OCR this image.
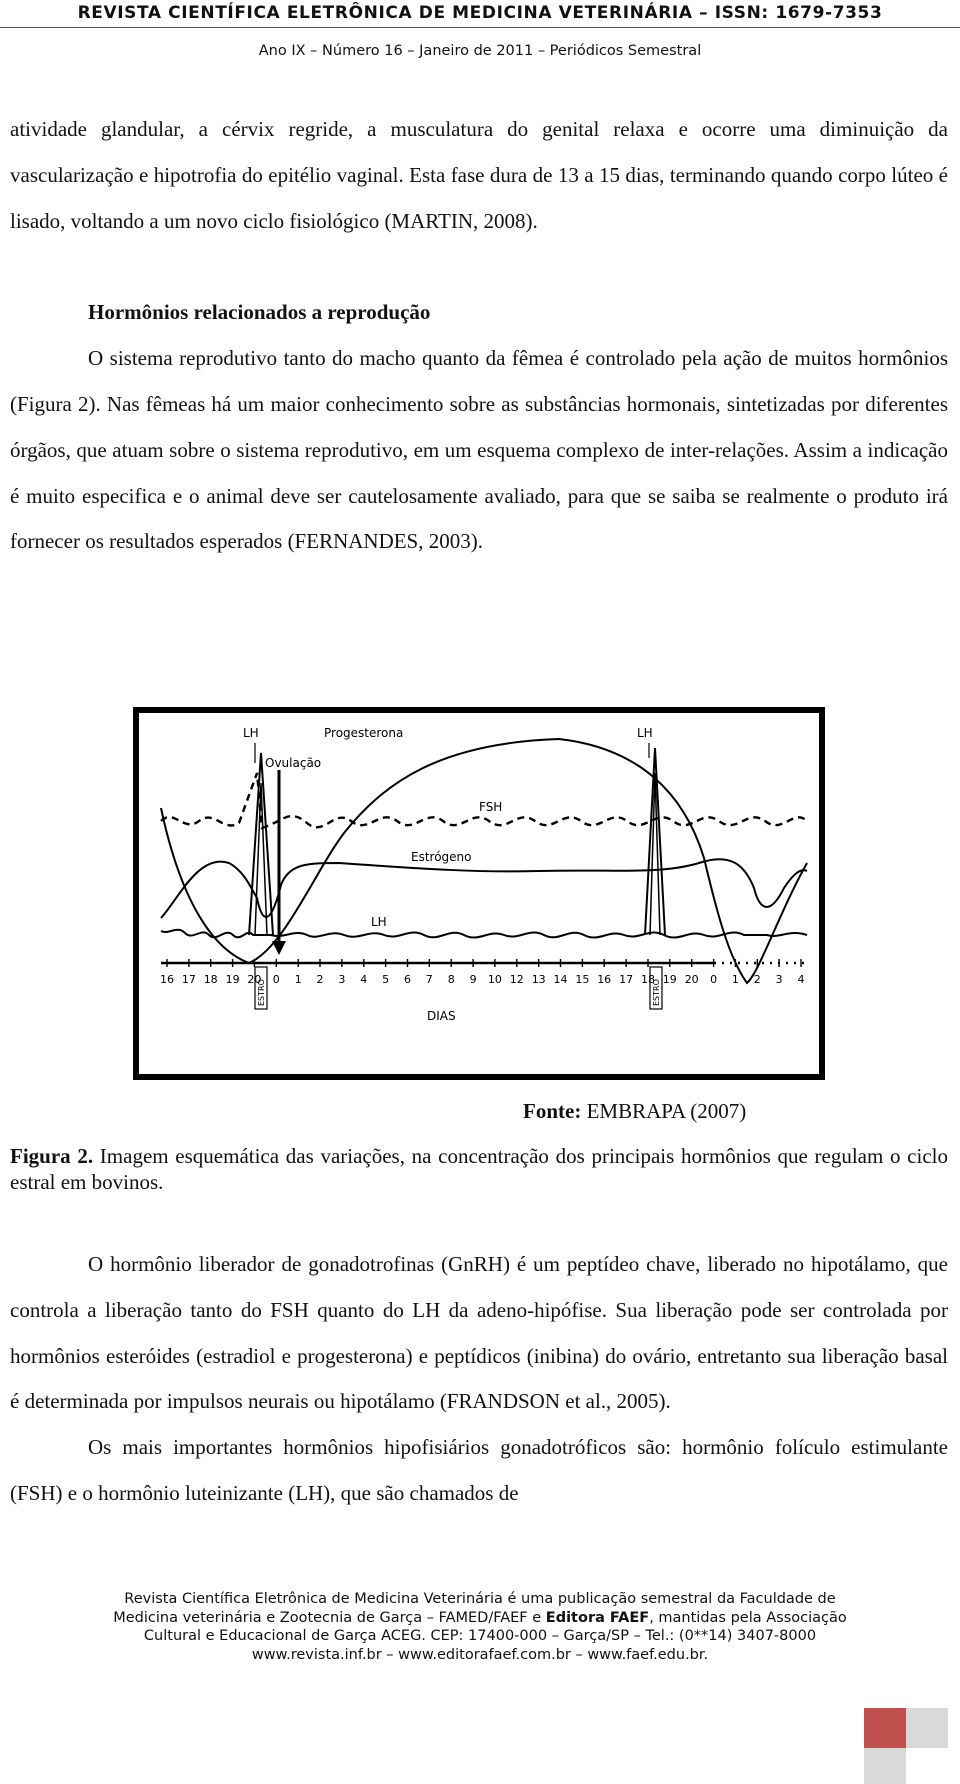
REVISTA CIENTÍFICA ELETRÔNICA DE MEDICINA VETERINÁRIA – ISSN: 1679-7353
Ano IX – Número 16 – Janeiro de 2011 – Periódicos Semestral

atividade glandular, a cérvix regride, a musculatura do genital relaxa e ocorre uma diminuição da vascularização e hipotrofia do epitélio vaginal. Esta fase dura de 13 a 15 dias, terminando quando corpo lúteo é lisado, voltando a um novo ciclo fisiológico (MARTIN, 2008).

Hormônios relacionados a reprodução

O sistema reprodutivo tanto do macho quanto da fêmea é controlado pela ação de muitos hormônios (Figura 2). Nas fêmeas há um maior conhecimento sobre as substâncias hormonais, sintetizadas por diferentes órgãos, que atuam sobre o sistema reprodutivo, em um esquema complexo de inter-relações. Assim a indicação é muito especifica e o animal deve ser cautelosamente avaliado, para que se saiba se realmente o produto irá fornecer os resultados esperados (FERNANDES, 2003).

16 17 18 19 20 0 1 2 3 4 5 6 7 8 9 10 12 13 14 15 16 17 18 19 20 0 1 2 3 4
LH	Progesterona
Ovulação
LH
FSH
Estrógeno
LH
DIAS
ESTRO	ESTRO
Fonte: EMBRAPA (2007)
Figura 2. Imagem esquemática das variações, na concentração dos principais hormônios que regulam o ciclo estral em bovinos.

O hormônio liberador de gonadotrofinas (GnRH) é um peptídeo chave, liberado no hipotálamo, que controla a liberação tanto do FSH quanto do LH da adeno-hipófise. Sua liberação pode ser controlada por hormônios esteróides (estradiol e progesterona) e peptídicos (inibina) do ovário, entretanto sua liberação basal é determinada por impulsos neurais ou hipotálamo (FRANDSON et al., 2005).

Os mais importantes hormônios hipofisiários gonadotróficos são: hormônio folículo estimulante (FSH) e o hormônio luteinizante (LH), que são chamados de

Revista Científica Eletrônica de Medicina Veterinária é uma publicação semestral da Faculdade de
Medicina veterinária e Zootecnia de Garça – FAMED/FAEF e Editora FAEF, mantidas pela Associação
Cultural e Educacional de Garça ACEG. CEP: 17400-000 – Garça/SP – Tel.: (0**14) 3407-8000
www.revista.inf.br – www.editorafaef.com.br – www.faef.edu.br.
